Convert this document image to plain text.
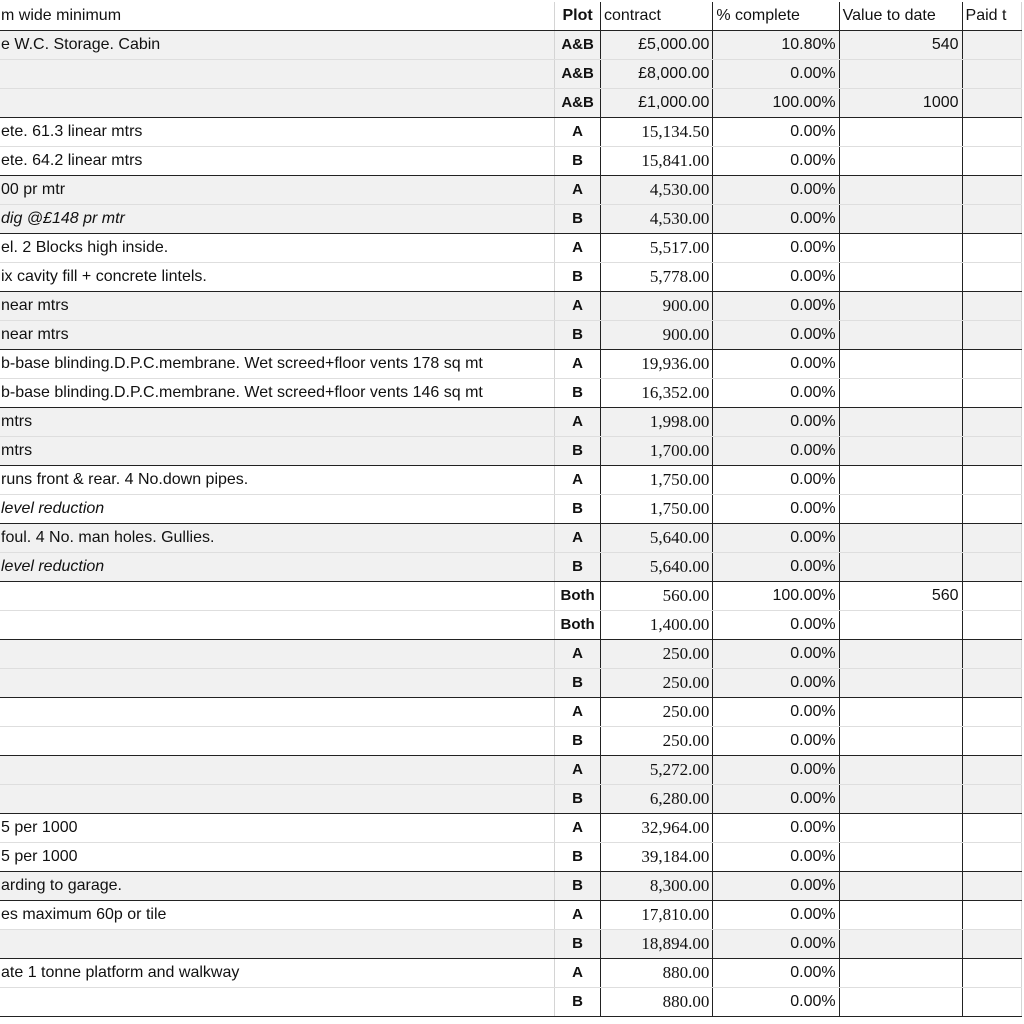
m wide minimum	Plot	contract	% complete	Value to date	Paid t
e W.C. Storage. Cabin	A&B	£5,000.00	10.80%	540	
	A&B	£8,000.00	0.00%		
	A&B	£1,000.00	100.00%	1000	
ete. 61.3 linear mtrs	A	15,134.50	0.00%		
ete. 64.2 linear mtrs	B	15,841.00	0.00%		
00 pr mtr	A	4,530.00	0.00%		
dig @£148 pr mtr	B	4,530.00	0.00%		
el. 2 Blocks high inside.	A	5,517.00	0.00%		
ix cavity fill + concrete lintels.	B	5,778.00	0.00%		
near mtrs	A	900.00	0.00%		
near mtrs	B	900.00	0.00%		
b-base blinding.D.P.C.membrane. Wet screed+floor vents 178 sq mt	A	19,936.00	0.00%		
b-base blinding.D.P.C.membrane. Wet screed+floor vents 146 sq mt	B	16,352.00	0.00%		
mtrs	A	1,998.00	0.00%		
mtrs	B	1,700.00	0.00%		
runs front & rear. 4 No.down pipes.	A	1,750.00	0.00%		
level reduction	B	1,750.00	0.00%		
foul. 4 No. man holes. Gullies.	A	5,640.00	0.00%		
level reduction	B	5,640.00	0.00%		
	Both	560.00	100.00%	560	
	Both	1,400.00	0.00%		
	A	250.00	0.00%		
	B	250.00	0.00%		
	A	250.00	0.00%		
	B	250.00	0.00%		
	A	5,272.00	0.00%		
	B	6,280.00	0.00%		
5 per 1000	A	32,964.00	0.00%		
5 per 1000	B	39,184.00	0.00%		
arding to garage.	B	8,300.00	0.00%		
es maximum 60p or tile	A	17,810.00	0.00%		
	B	18,894.00	0.00%		
ate 1 tonne platform and walkway	A	880.00	0.00%		
	B	880.00	0.00%		
